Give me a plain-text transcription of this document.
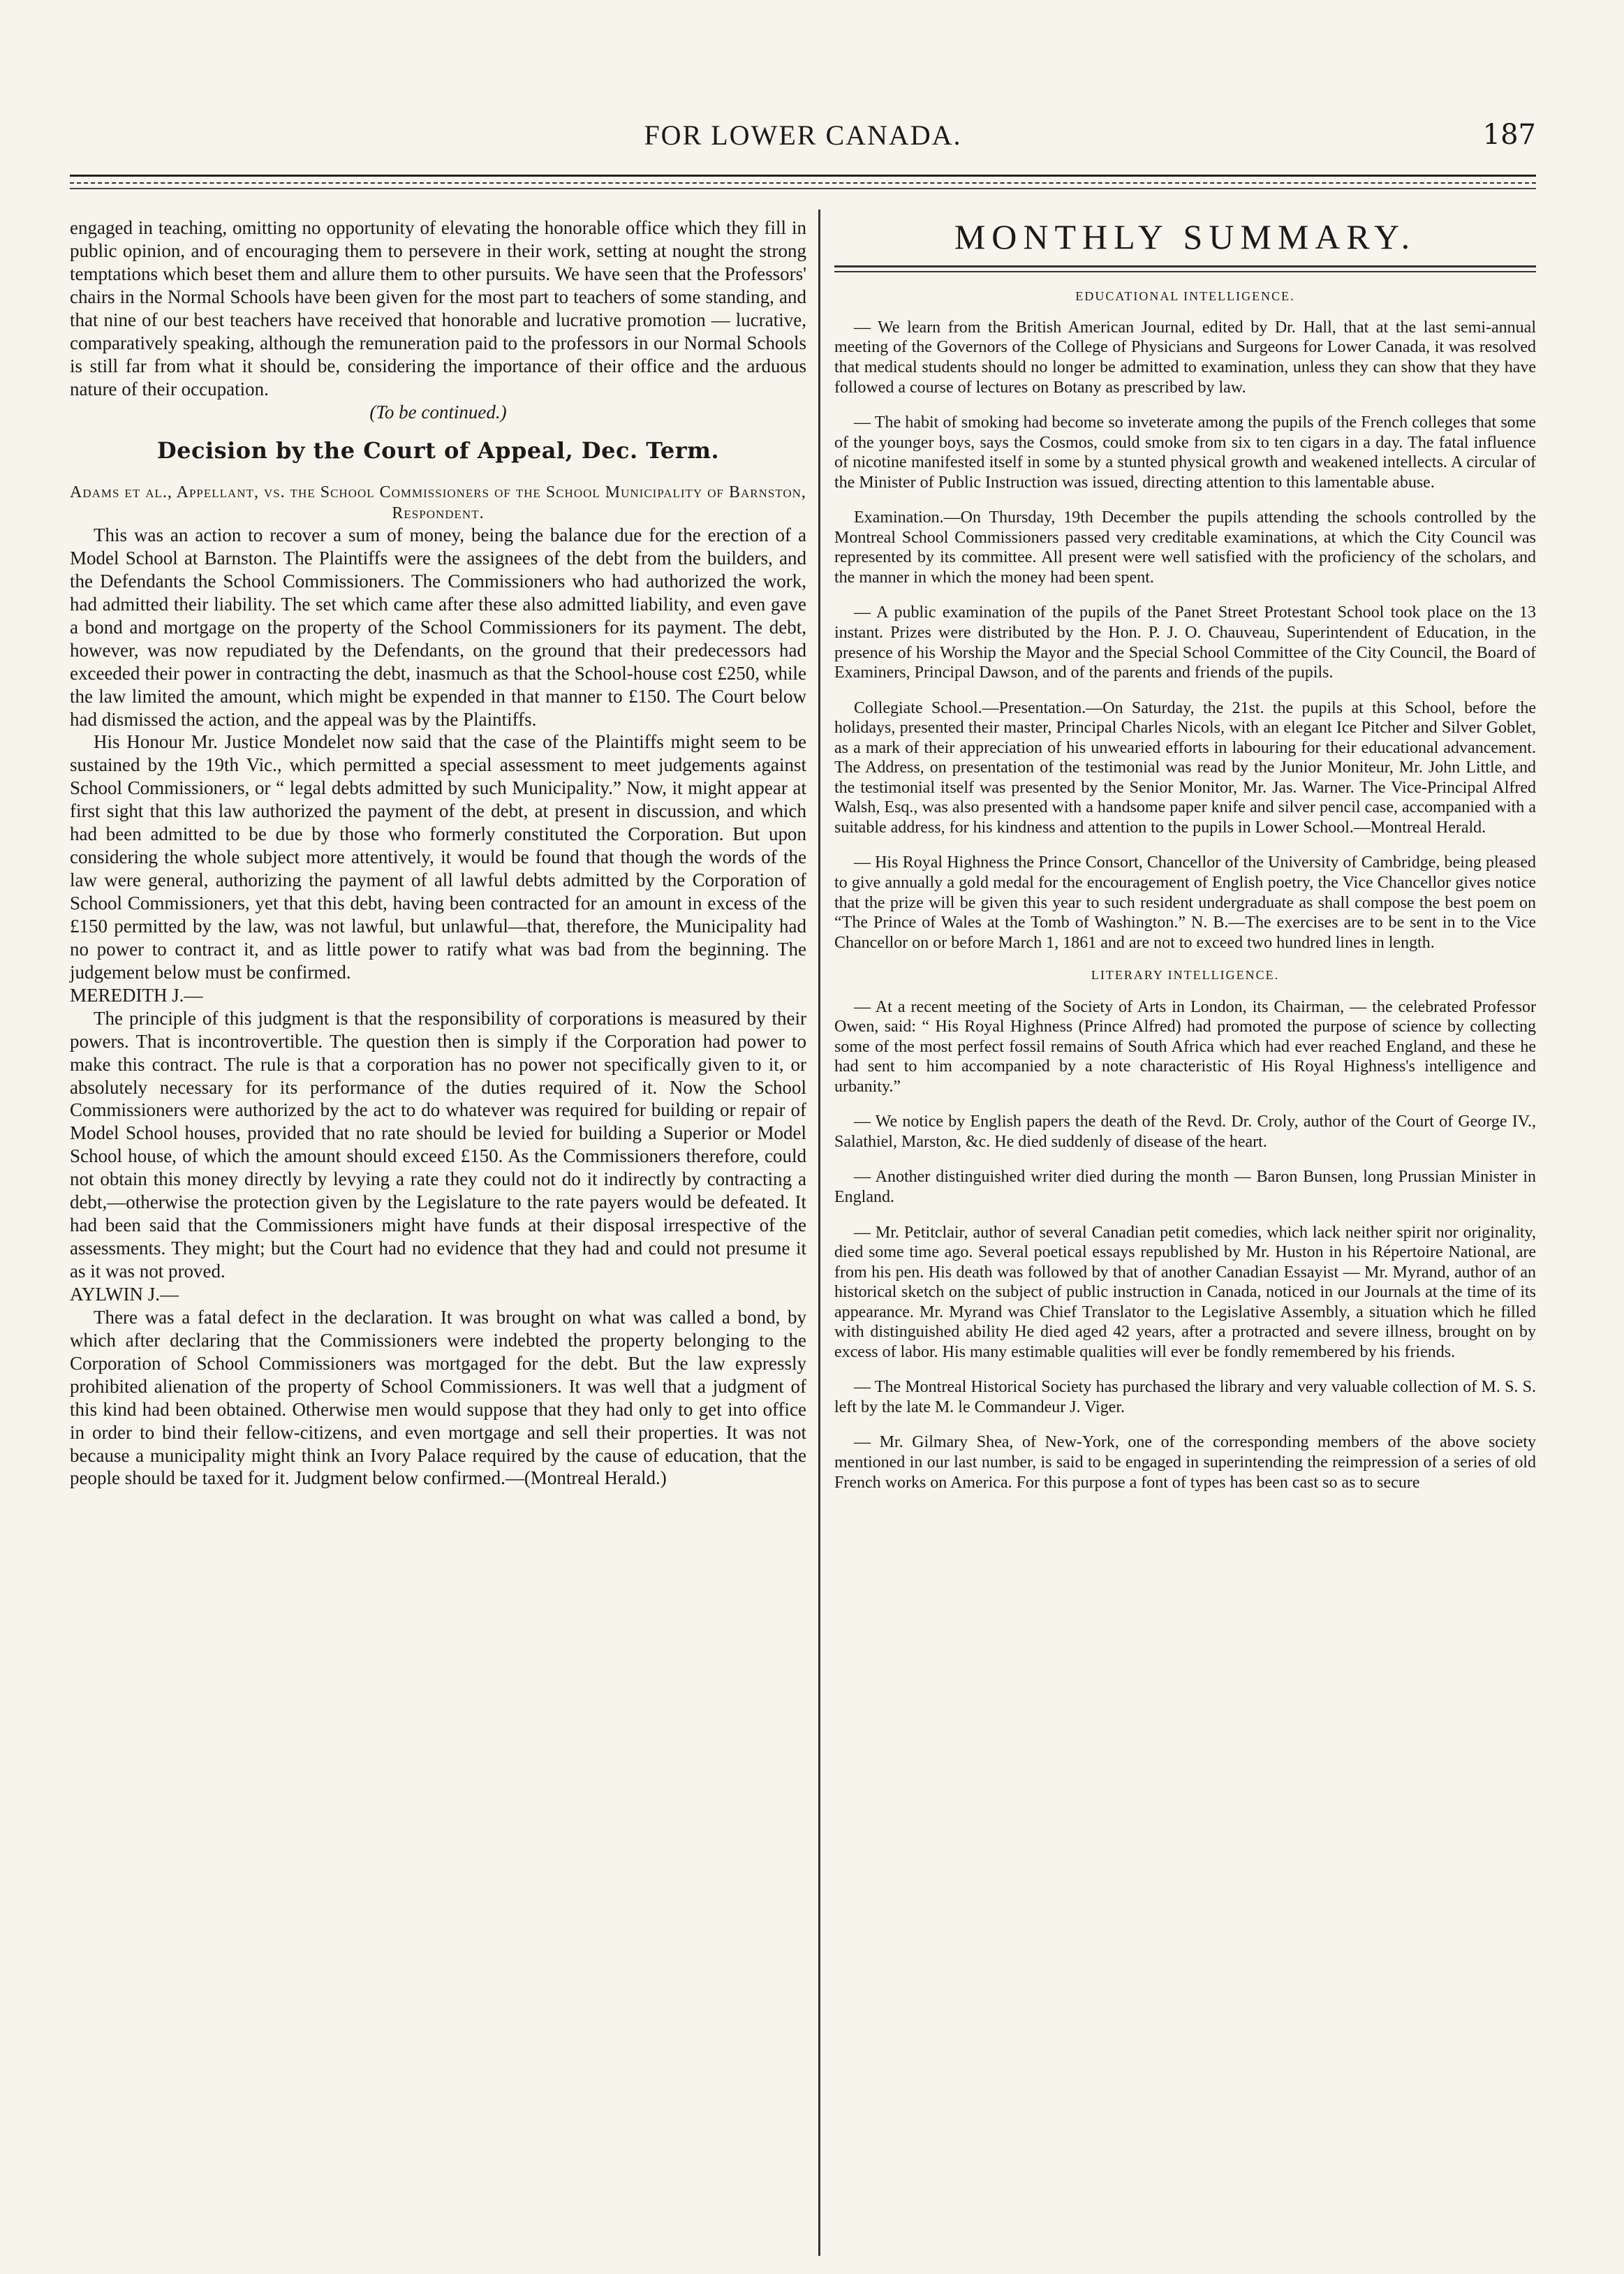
FOR LOWER CANADA.	187

engaged in teaching, omitting no opportunity of elevating the honorable office which they fill in public opinion, and of encouraging them to persevere in their work, setting at nought the strong temptations which beset them and allure them to other pursuits. We have seen that the Professors' chairs in the Normal Schools have been given for the most part to teachers of some standing, and that nine of our best teachers have received that honorable and lucrative promotion — lucrative, comparatively speaking, although the remuneration paid to the professors in our Normal Schools is still far from what it should be, considering the importance of their office and the arduous nature of their occupation.

(To be continued.)

Decision by the Court of Appeal, Dec. Term.

Adams et al., Appellant, vs. the School Commissioners of the School Municipality of Barnston, Respondent.

This was an action to recover a sum of money, being the balance due for the erection of a Model School at Barnston. The Plaintiffs were the assignees of the debt from the builders, and the Defendants the School Commissioners. The Commissioners who had authorized the work, had admitted their liability. The set which came after these also admitted liability, and even gave a bond and mortgage on the property of the School Commissioners for its payment. The debt, however, was now repudiated by the Defendants, on the ground that their predecessors had exceeded their power in contracting the debt, inasmuch as that the School-house cost £250, while the law limited the amount, which might be expended in that manner to £150. The Court below had dismissed the action, and the appeal was by the Plaintiffs.

His Honour Mr. Justice Mondelet now said that the case of the Plaintiffs might seem to be sustained by the 19th Vic., which permitted a special assessment to meet judgements against School Commissioners, or “ legal debts admitted by such Municipality.” Now, it might appear at first sight that this law authorized the payment of the debt, at present in discussion, and which had been admitted to be due by those who formerly constituted the Corporation. But upon considering the whole subject more attentively, it would be found that though the words of the law were general, authorizing the payment of all lawful debts admitted by the Corporation of School Commissioners, yet that this debt, having been contracted for an amount in excess of the £150 permitted by the law, was not lawful, but unlawful—that, therefore, the Municipality had no power to contract it, and as little power to ratify what was bad from the beginning. The judgement below must be confirmed.

MEREDITH J.—

The principle of this judgment is that the responsibility of corporations is measured by their powers. That is incontrovertible. The question then is simply if the Corporation had power to make this contract. The rule is that a corporation has no power not specifically given to it, or absolutely necessary for its performance of the duties required of it. Now the School Commissioners were authorized by the act to do whatever was required for building or repair of Model School houses, provided that no rate should be levied for building a Superior or Model School house, of which the amount should exceed £150. As the Commissioners therefore, could not obtain this money directly by levying a rate they could not do it indirectly by contracting a debt,—otherwise the protection given by the Legislature to the rate payers would be defeated. It had been said that the Commissioners might have funds at their disposal irrespective of the assessments. They might; but the Court had no evidence that they had and could not presume it as it was not proved.

AYLWIN J.—

There was a fatal defect in the declaration. It was brought on what was called a bond, by which after declaring that the Commissioners were indebted the property belonging to the Corporation of School Commissioners was mortgaged for the debt. But the law expressly prohibited alienation of the property of School Commissioners. It was well that a judgment of this kind had been obtained. Otherwise men would suppose that they had only to get into office in order to bind their fellow-citizens, and even mortgage and sell their properties. It was not because a municipality might think an Ivory Palace required by the cause of education, that the people should be taxed for it. Judgment below confirmed.—(Montreal Herald.)

MONTHLY SUMMARY.
EDUCATIONAL INTELLIGENCE.

— We learn from the British American Journal, edited by Dr. Hall, that at the last semi-annual meeting of the Governors of the College of Physicians and Surgeons for Lower Canada, it was resolved that medical students should no longer be admitted to examination, unless they can show that they have followed a course of lectures on Botany as prescribed by law.

— The habit of smoking had become so inveterate among the pupils of the French colleges that some of the younger boys, says the Cosmos, could smoke from six to ten cigars in a day. The fatal influence of nicotine manifested itself in some by a stunted physical growth and weakened intellects. A circular of the Minister of Public Instruction was issued, directing attention to this lamentable abuse.

Examination.—On Thursday, 19th December the pupils attending the schools controlled by the Montreal School Commissioners passed very creditable examinations, at which the City Council was represented by its committee. All present were well satisfied with the proficiency of the scholars, and the manner in which the money had been spent.

— A public examination of the pupils of the Panet Street Protestant School took place on the 13 instant. Prizes were distributed by the Hon. P. J. O. Chauveau, Superintendent of Education, in the presence of his Worship the Mayor and the Special School Committee of the City Council, the Board of Examiners, Principal Dawson, and of the parents and friends of the pupils.

Collegiate School.—Presentation.—On Saturday, the 21st. the pupils at this School, before the holidays, presented their master, Principal Charles Nicols, with an elegant Ice Pitcher and Silver Goblet, as a mark of their appreciation of his unwearied efforts in labouring for their educational advancement. The Address, on presentation of the testimonial was read by the Junior Moniteur, Mr. John Little, and the testimonial itself was presented by the Senior Monitor, Mr. Jas. Warner. The Vice-Principal Alfred Walsh, Esq., was also presented with a handsome paper knife and silver pencil case, accompanied with a suitable address, for his kindness and attention to the pupils in Lower School.—Montreal Herald.

— His Royal Highness the Prince Consort, Chancellor of the University of Cambridge, being pleased to give annually a gold medal for the encouragement of English poetry, the Vice Chancellor gives notice that the prize will be given this year to such resident undergraduate as shall compose the best poem on “The Prince of Wales at the Tomb of Washington.” N. B.—The exercises are to be sent in to the Vice Chancellor on or before March 1, 1861 and are not to exceed two hundred lines in length.

LITERARY INTELLIGENCE.

— At a recent meeting of the Society of Arts in London, its Chairman, — the celebrated Professor Owen, said: “ His Royal Highness (Prince Alfred) had promoted the purpose of science by collecting some of the most perfect fossil remains of South Africa which had ever reached England, and these he had sent to him accompanied by a note characteristic of His Royal Highness's intelligence and urbanity.”

— We notice by English papers the death of the Revd. Dr. Croly, author of the Court of George IV., Salathiel, Marston, &c. He died suddenly of disease of the heart.

— Another distinguished writer died during the month — Baron Bunsen, long Prussian Minister in England.

— Mr. Petitclair, author of several Canadian petit comedies, which lack neither spirit nor originality, died some time ago. Several poetical essays republished by Mr. Huston in his Répertoire National, are from his pen. His death was followed by that of another Canadian Essayist — Mr. Myrand, author of an historical sketch on the subject of public instruction in Canada, noticed in our Journals at the time of its appearance. Mr. Myrand was Chief Translator to the Legislative Assembly, a situation which he filled with distinguished ability He died aged 42 years, after a protracted and severe illness, brought on by excess of labor. His many estimable qualities will ever be fondly remembered by his friends.

— The Montreal Historical Society has purchased the library and very valuable collection of M. S. S. left by the late M. le Commandeur J. Viger.

— Mr. Gilmary Shea, of New-York, one of the corresponding members of the above society mentioned in our last number, is said to be engaged in superintending the reimpression of a series of old French works on America. For this purpose a font of types has been cast so as to secure
